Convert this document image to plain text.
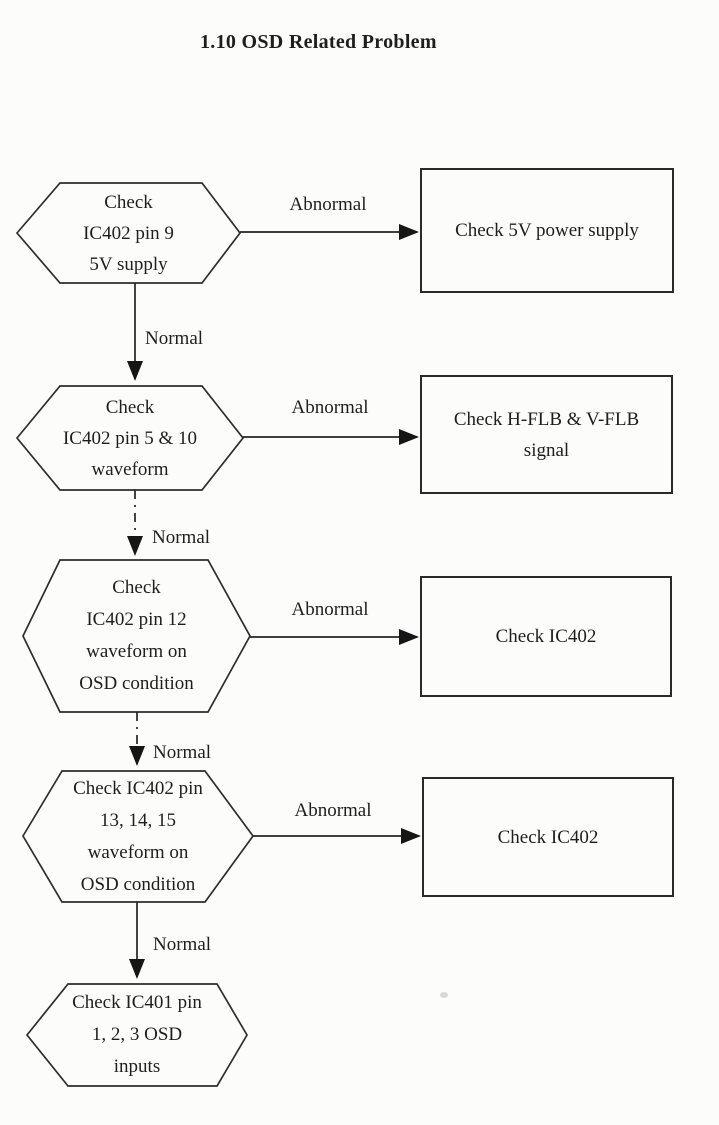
1.10 OSD Related Problem
Check
IC402 pin 9
5V supply
Check
IC402 pin 5 & 10
waveform
Check
IC402 pin 12
waveform on
OSD condition
Check IC402 pin
13, 14, 15
waveform on
OSD condition
Check IC401 pin
1, 2, 3 OSD
inputs
Check 5V power supply
Check H-FLB & V-FLB
signal
Check IC402
Check IC402
Abnormal
Normal
Abnormal
Normal
Abnormal
Normal
Abnormal
Normal
